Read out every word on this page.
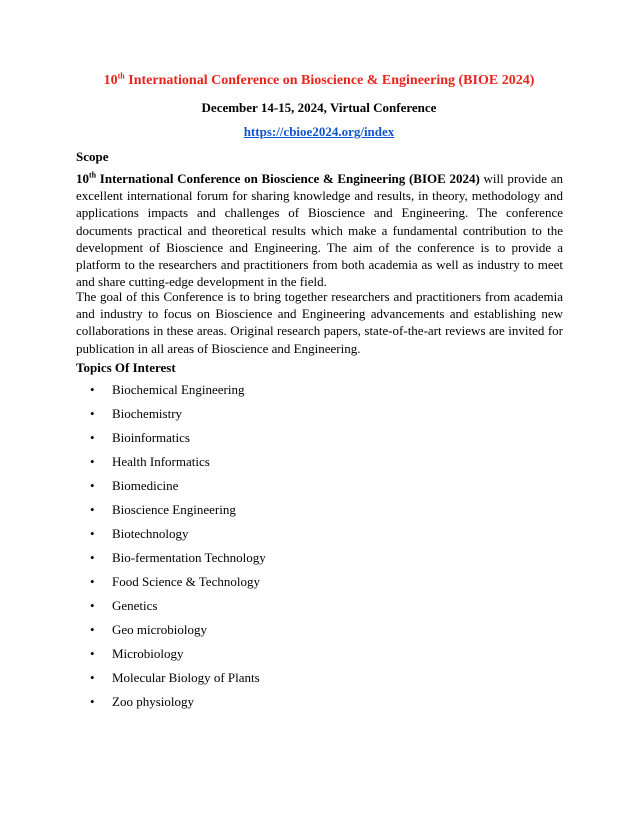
10th International Conference on Bioscience & Engineering (BIOE 2024)
December 14-15, 2024, Virtual Conference
https://cbioe2024.org/index
Scope

10th International Conference on Bioscience & Engineering (BIOE 2024) will provide an excellent international forum for sharing knowledge and results, in theory, methodology and applications impacts and challenges of Bioscience and Engineering. The conference documents practical and theoretical results which make a fundamental contribution to the development of Bioscience and Engineering. The aim of the conference is to provide a platform to the researchers and practitioners from both academia as well as industry to meet and share cutting-edge development in the field.

The goal of this Conference is to bring together researchers and practitioners from academia and industry to focus on Bioscience and Engineering advancements and establishing new collaborations in these areas. Original research papers, state-of-the-art reviews are invited for publication in all areas of Bioscience and Engineering.

Topics Of Interest
• Biochemical Engineering
• Biochemistry
• Bioinformatics
• Health Informatics
• Biomedicine
• Bioscience Engineering
• Biotechnology
• Bio-fermentation Technology
• Food Science & Technology
• Genetics
• Geo microbiology
• Microbiology
• Molecular Biology of Plants
• Zoo physiology
